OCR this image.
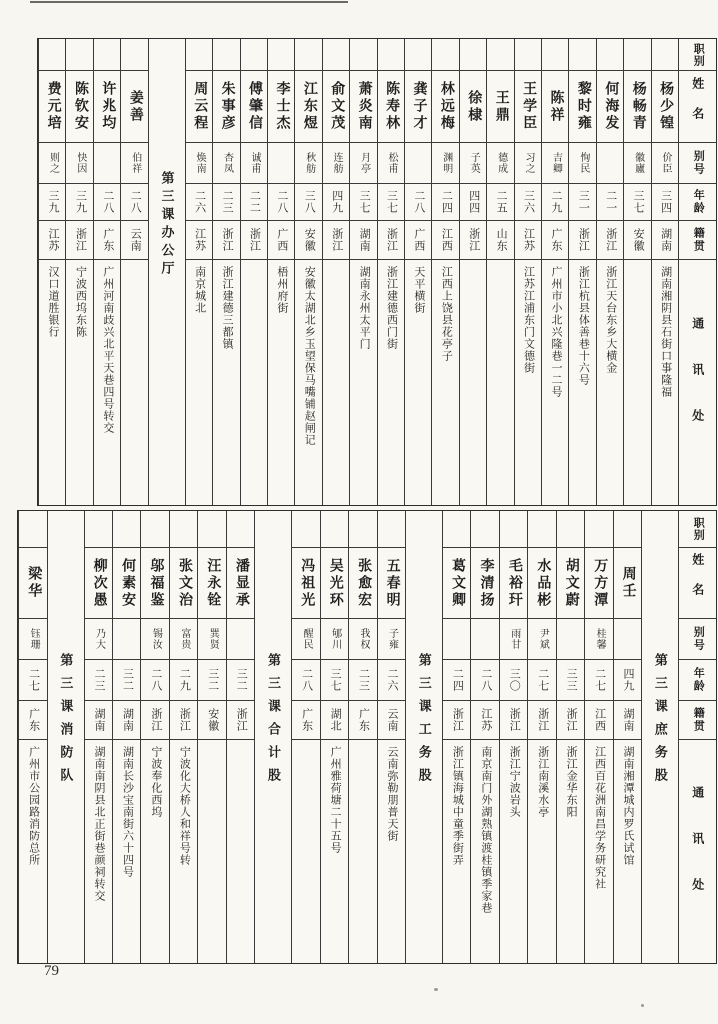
职别
姓名
别号
年龄
籍贯
通讯处
杨少锽
价臣
三四
湖南
湖南湘阴县石街口事隆福
杨畅青
徽廬
三七
安徽
何海发
二一
浙江
浙江天台东乡大横金
黎时雍
恂民
三一
浙江
浙江杭县体善巷十六号
陈祥
吉卿
二九
广东
广州市小北兴隆巷一二号
王学臣
习之
三六
江苏
江苏江浦东门文德街
王鼎
德成
二五
山东
徐棣
子英
四四
浙江
林远梅
渊明
二四
江西
江西上饶县花亭子
龚子才
二八
广西
天平横街
陈寿林
松甫
三七
浙江
浙江建德西门街
萧炎南
月亭
三七
湖南
湖南永州太平门
俞文茂
连舫
四九
浙江
江东煜
秋舫
三八
安徽
安徽太湖北乡玉望保马嘴铺赵闸记
李士杰
二八
广西
梧州府街
傅肇信
诚甫
二二
浙江
朱事彦
杏凤
二三
浙江
浙江建德三都镇
周云程
焕南
二六
江苏
南京城北
第三课办公厅
姜善
伯祥
二八
云南
许兆均
二八
广东
广州河南歧兴北平天巷四号转交
陈钦安
快因
三九
浙江
宁波西坞东陈
费元培
则之
三九
江苏
汉口道胜银行
职别
姓名
别号
年龄
籍贯
通讯处
第三课庶务股
周壬
四九
湖南
湖南湘潭城内罗氏试馆
万方潭
桂馨
二七
江西
江西百花洲南昌学务研究社
胡文蔚
三三
浙江
浙江金华东阳
水品彬
尹斌
二七
浙江
浙江南溪水亭
毛裕玕
雨甘
三〇
浙江
浙江宁波岩头
李清扬
二八
江苏
南京南门外湖熟镇渡桂镇季家巷
葛文卿
二四
浙江
浙江镇海城中童季街弄
第三课工务股
五春明
子雍
二六
云南
云南弥勒朋普天街
张愈宏
我权
二三
广东
吴光环
郇川
三七
湖北
广州雅荷塘二十五号
冯祖光
醒民
二八
广东
第三课合计股
潘显承
三二
浙江
汪永铨
巽贤
三二
安徽
张文治
富贵
二九
浙江
宁波化大桥人和祥号转
邬福鉴
锡汝
二八
浙江
宁波奉化西坞
何素安
三二
湖南
湖南长沙宝南街六十四号
柳次愚
乃大
二三
湖南
湖南南阴县北正街巷颜祠转交
第三课消防队
梁华
钰珊
二七
广东
广州市公园路消防总所
79
